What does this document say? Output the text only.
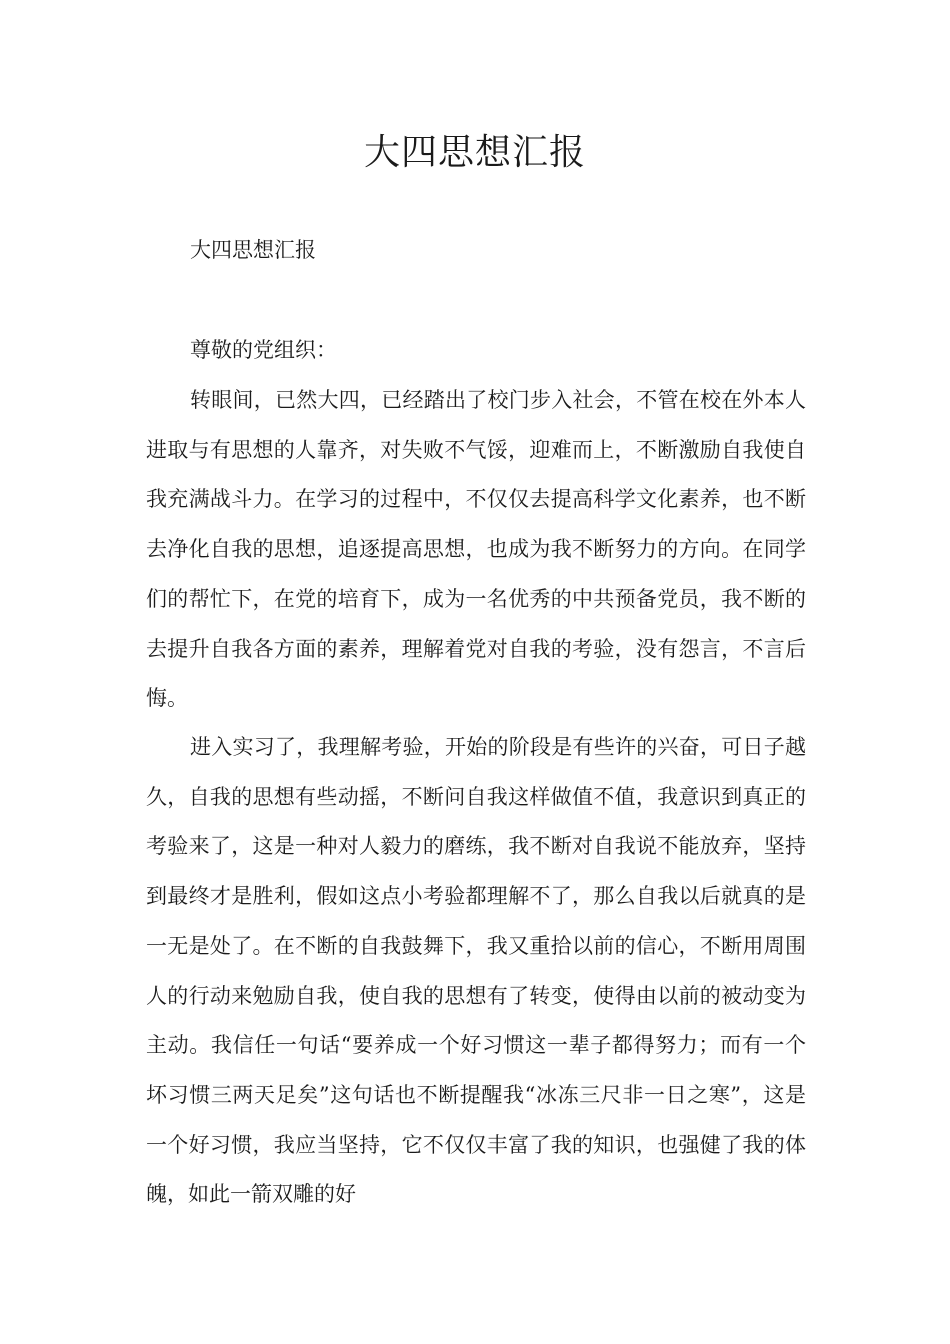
大四思想汇报

大四思想汇报

尊敬的党组织：

转眼间，已然大四，已经踏出了校门步入社会，不管在校在外本人进取与有思想的人靠齐，对失败不气馁，迎难而上，不断激励自我使自我充满战斗力。在学习的过程中，不仅仅去提高科学文化素养，也不断去净化自我的思想，追逐提高思想，也成为我不断努力的方向。在同学们的帮忙下，在党的培育下，成为一名优秀的中共预备党员，我不断的去提升自我各方面的素养，理解着党对自我的考验，没有怨言，不言后悔。

进入实习了，我理解考验，开始的阶段是有些许的兴奋，可日子越久，自我的思想有些动摇，不断问自我这样做值不值，我意识到真正的考验来了，这是一种对人毅力的磨练，我不断对自我说不能放弃，坚持到最终才是胜利，假如这点小考验都理解不了，那么自我以后就真的是一无是处了。在不断的自我鼓舞下，我又重拾以前的信心，不断用周围人的行动来勉励自我，使自我的思想有了转变，使得由以前的被动变为主动。我信任一句话“要养成一个好习惯这一辈子都得努力；而有一个坏习惯三两天足矣”这句话也不断提醒我“冰冻三尺非一日之寒”，这是一个好习惯，我应当坚持，它不仅仅丰富了我的知识，也强健了我的体魄，如此一箭双雕的好
